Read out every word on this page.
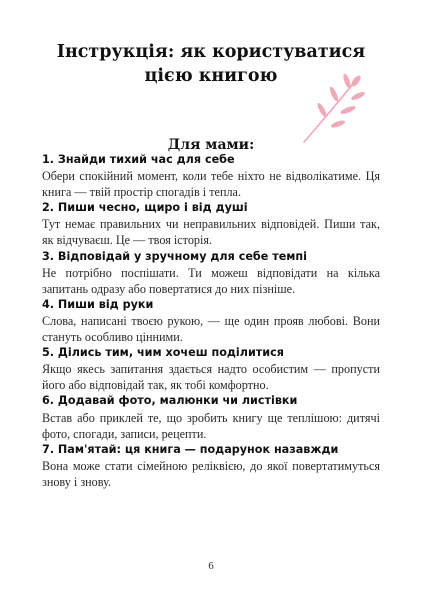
Інструкція: як користуватися цією книгою
Для мами:
1. Знайди тихий час для себе
Обери спокійний момент, коли тебе ніхто не відволікатиме. Ця книга — твій простір спогадів і тепла.
2. Пиши чесно, щиро і від душі
Тут немає правильних чи неправильних відповідей. Пиши так, як відчуваєш. Це — твоя історія.
3. Відповідай у зручному для себе темпі
Не потрібно поспішати. Ти можеш відповідати на кілька запитань одразу або повертатися до них пізніше.
4. Пиши від руки
Слова, написані твоєю рукою, — ще один прояв любові. Вони стануть особливо цінними.
5. Ділись тим, чим хочеш поділитися
Якщо якесь запитання здається надто особистим — пропусти його або відповідай так, як тобі комфортно.
6. Додавай фото, малюнки чи листівки
Встав або приклей те, що зробить книгу ще теплішою: дитячі фото, спогади, записи, рецепти.
7. Пам'ятай: ця книга — подарунок назавжди
Вона може стати сімейною реліквією, до якої повертатимуться знову і знову.
6
